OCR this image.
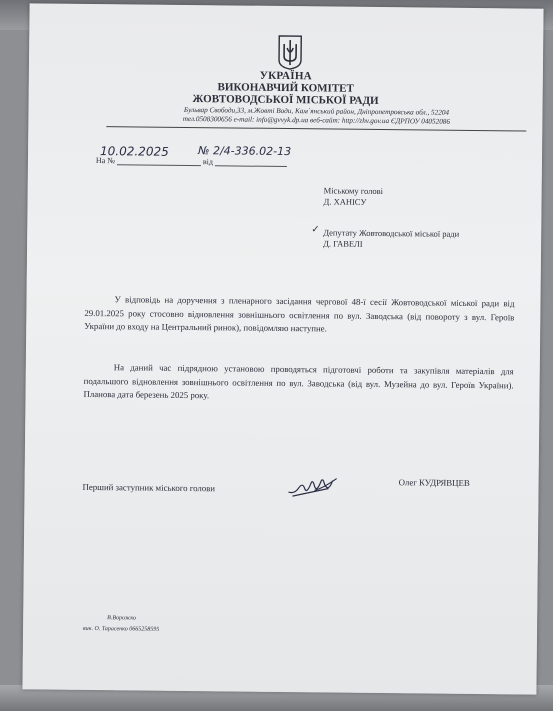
УКРАЇНА
ВИКОНАВЧИЙ КОМІТЕТ
ЖОВТОВОДСЬКОЇ МІСЬКОЇ РАДИ
Бульвар Свободи,33, м.Жовті Води, Кам`янський район, Дніпропетровська обл., 52204
тел.0508300656 e-mail: info@gvvyk.dp.ua веб-сайт: http://zhv.gov.ua ЄДРПОУ 04052086
10.02.2025	№ 2/4-336.02-13
На №	від
Міському голові
Д. ХАНІСУ
✓ Депутату Жовтоводської міської ради
Д. ГАВЕЛІ
У відповідь на доручення з пленарного засідання чергової 48-ї сесії Жовтоводської міської ради від 29.01.2025 року стосовно відновлення зовнішнього освітлення по вул. Заводська (від повороту з вул. Героїв України до входу на Центральний ринок), повідомляю наступне.
На даний час підрядною установою проводяться підготовчі роботи та закупівля матеріалів для подальшого відновлення зовнішнього освітлення по вул. Заводська (від вул. Музейна до вул. Героїв України). Планова дата березень 2025 року.
Перший заступник міського голови	Олег КУДРЯВЦЕВ
В.Ворожко
вик. О. Тарасенко 0665258595
